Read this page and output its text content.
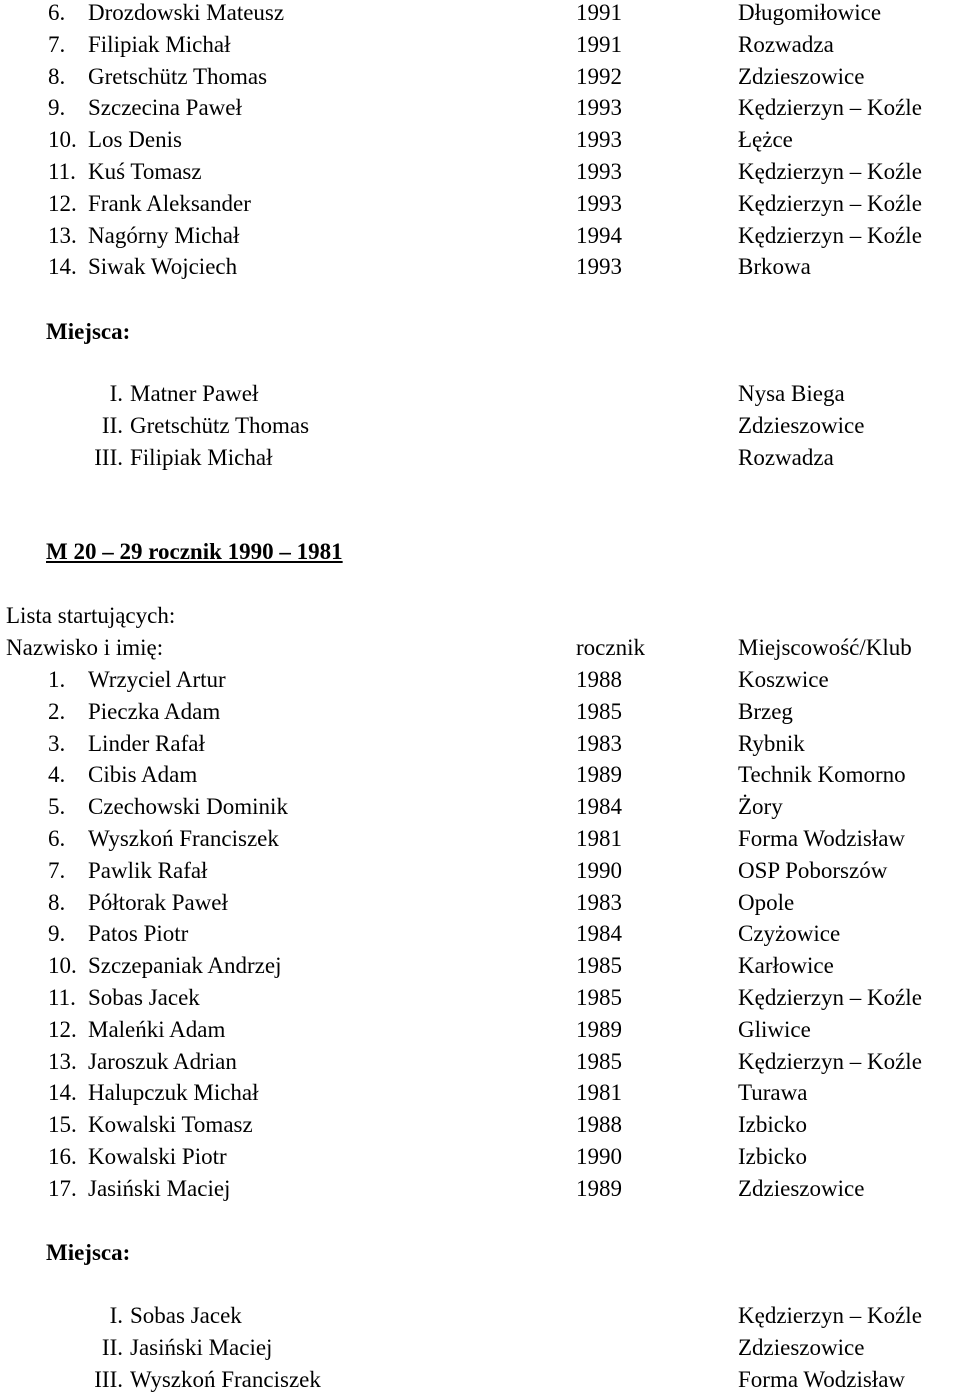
6. Drozdowski Mateusz	1991	Długomiłowice
7. Filipiak Michał	1991	Rozwadza
8. Gretschütz Thomas	1992	Zdzieszowice
9. Szczecina Paweł	1993	Kędzierzyn – Koźle
10. Los Denis	1993	Łężce
11. Kuś Tomasz	1993	Kędzierzyn – Koźle
12. Frank Aleksander	1993	Kędzierzyn – Koźle
13. Nagórny Michał	1994	Kędzierzyn – Koźle
14. Siwak Wojciech	1993	Brkowa
Miejsca:
I. Matner Paweł	Nysa Biega
II. Gretschütz Thomas	Zdzieszowice
III. Filipiak Michał	Rozwadza
M 20 – 29 rocznik 1990 – 1981
Lista startujących:
Nazwisko i imię:	rocznik	Miejscowość/Klub
1. Wrzyciel Artur	1988	Koszwice
2. Pieczka Adam	1985	Brzeg
3. Linder Rafał	1983	Rybnik
4. Cibis Adam	1989	Technik Komorno
5. Czechowski Dominik	1984	Żory
6. Wyszkoń Franciszek	1981	Forma Wodzisław
7. Pawlik Rafał	1990	OSP Poborszów
8. Półtorak Paweł	1983	Opole
9. Patos Piotr	1984	Czyżowice
10. Szczepaniak Andrzej	1985	Karłowice
11. Sobas Jacek	1985	Kędzierzyn – Koźle
12. Maleńki Adam	1989	Gliwice
13. Jaroszuk Adrian	1985	Kędzierzyn – Koźle
14. Halupczuk Michał	1981	Turawa
15. Kowalski Tomasz	1988	Izbicko
16. Kowalski Piotr	1990	Izbicko
17. Jasiński Maciej	1989	Zdzieszowice
Miejsca:
I. Sobas Jacek	Kędzierzyn – Koźle
II. Jasiński Maciej	Zdzieszowice
III. Wyszkoń Franciszek	Forma Wodzisław
